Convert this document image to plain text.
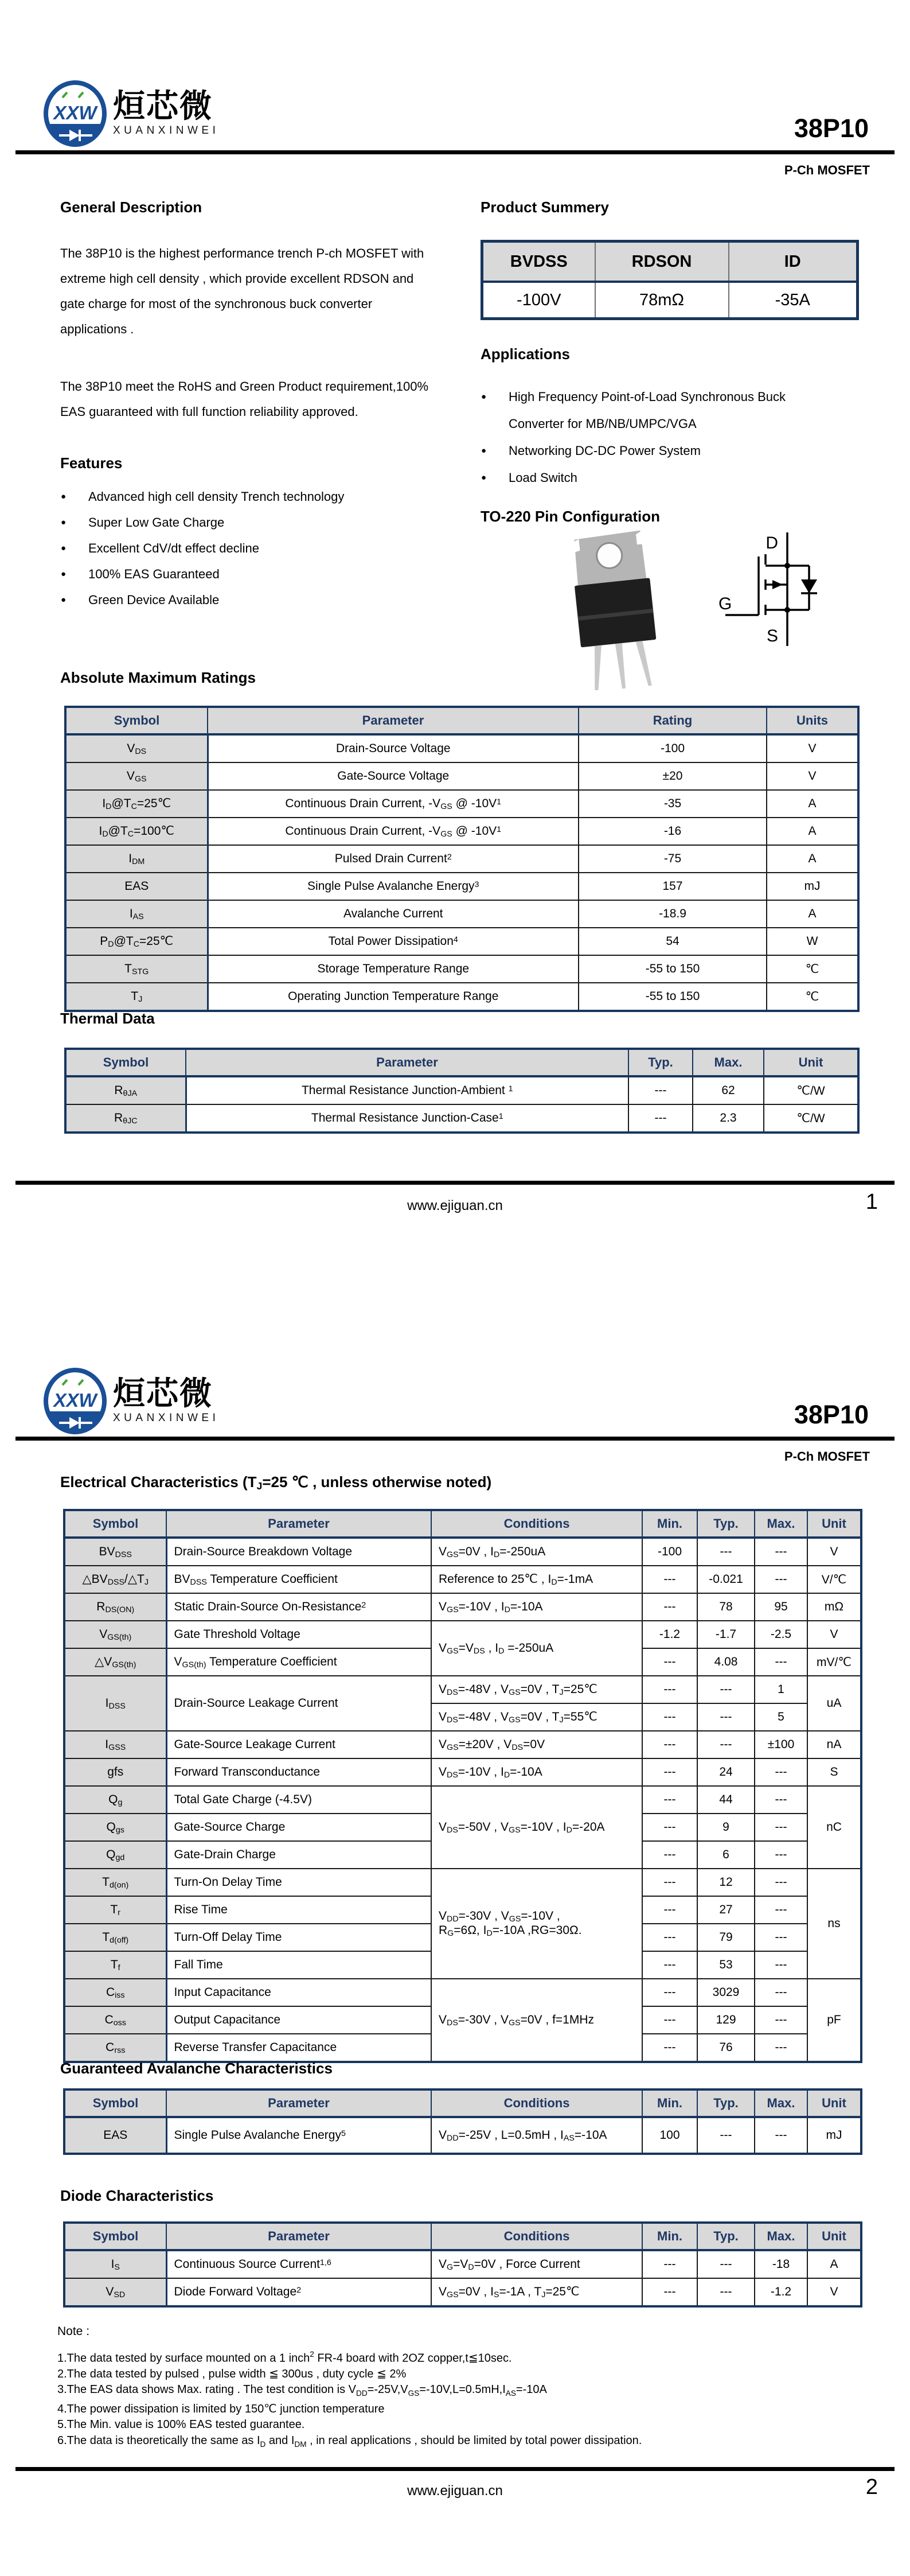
XXW 烜芯微
XUANXINWEI	38P10
P-Ch MOSFET
General Description
The 38P10 is the highest performance trench P-ch MOSFET with extreme high cell density , which provide excellent RDSON and gate charge for most of the synchronous buck converter applications .
The 38P10 meet the RoHS and Green Product requirement,100% EAS guaranteed with full function reliability approved.
Features
● Advanced high cell density Trench technology
● Super Low Gate Charge
● Excellent CdV/dt effect decline
● 100% EAS Guaranteed
● Green Device Available
Product Summery
BVDSS	RDSON	ID
-100V	78mΩ	-35A
Applications
● High Frequency Point-of-Load Synchronous Buck Converter for MB/NB/UMPC/VGA
● Networking DC-DC Power System
● Load Switch
TO-220 Pin Configuration
D
G
S
Absolute Maximum Ratings
Symbol	Parameter	Rating	Units
$V_{DS}$	Drain-Source Voltage	-100	V
$V_{GS}$	Gate-Source Voltage	±20	V
$I_D@T_C=25℃$	Continuous Drain Current, $-V_{GS}$ @ $-10V^1$	-35	A
$I_D@T_C=100℃$	Continuous Drain Current, $-V_{GS}$ @ $-10V^1$	-16	A
$I_{DM}$	Pulsed Drain Current$^2$	-75	A
EAS	Single Pulse Avalanche Energy$^3$	157	mJ
$I_{AS}$	Avalanche Current	-18.9	A
$P_D@T_C=25℃$	Total Power Dissipation$^4$	54	W
$T_{STG}$	Storage Temperature Range	-55 to 150	℃
$T_J$	Operating Junction Temperature Range	-55 to 150	℃
Thermal Data
Symbol	Parameter	Typ.	Max.	Unit
$R_{\theta JA}$	Thermal Resistance Junction-Ambient $^1$	---	62	℃/W
$R_{\theta JC}$	Thermal Resistance Junction-Case$^1$	---	2.3	℃/W
www.ejiguan.cn	1
XXW 烜芯微
XUANXINWEI	38P10
P-Ch MOSFET
Electrical Characteristics ($T_J=25$ ℃ , unless otherwise noted)
Symbol	Parameter	Conditions	Min.	Typ.	Max.	Unit
$BV_{DSS}$	Drain-Source Breakdown Voltage	$V_{GS}=0V$ , $I_D=-250uA$	-100	---	---	V
$\triangle BV_{DSS}/\triangle T_J$	$BV_{DSS}$ Temperature Coefficient	Reference to 25℃ , $I_D=-1mA$	---	-0.021	---	V/℃
$R_{DS(ON)}$	Static Drain-Source On-Resistance$^2$	$V_{GS}=-10V$ , $I_D=-10A$	---	78	95	mΩ
$V_{GS(th)}$	Gate Threshold Voltage	$V_{GS}=V_{DS}$ , $I_D =-250uA$	-1.2	-1.7	-2.5	V
$\triangle V_{GS(th)}$	$V_{GS(th)}$ Temperature Coefficient		---	4.08	---	mV/℃
$I_{DSS}$	Drain-Source Leakage Current	$V_{DS}=-48V$ , $V_{GS}=0V$ , $T_J=25℃$	---	---	1	uA
		$V_{DS}=-48V$ , $V_{GS}=0V$ , $T_J=55℃$	---	---	5	
$I_{GSS}$	Gate-Source Leakage Current	$V_{GS}=\pm 20V$ , $V_{DS}=0V$	---	---	±100	nA
gfs	Forward Transconductance	$V_{DS}=-10V$ , $I_D=-10A$	---	24	---	S
$Q_g$	Total Gate Charge (-4.5V)	$V_{DS}=-50V$ , $V_{GS}=-10V$ , $I_D=-20A$	---	44	---	nC
$Q_{gs}$	Gate-Source Charge		---	9	---	
$Q_{gd}$	Gate-Drain Charge		---	6	---	
$T_{d(on)}$	Turn-On Delay Time	$V_{DD}=-30V$ , $V_{GS}=-10V$ ,
$R_G=6\Omega$, $I_D=-10A$ ,RG=30Ω.	---	12	---	ns
$T_r$	Rise Time		---	27	---	
$T_{d(off)}$	Turn-Off Delay Time		---	79	---	
$T_f$	Fall Time		---	53	---	
$C_{iss}$	Input Capacitance	$V_{DS}=-30V$ , $V_{GS}=0V$ , f=1MHz	---	3029	---	pF
$C_{oss}$	Output Capacitance		---	129	---	
$C_{rss}$	Reverse Transfer Capacitance		---	76	---	
Guaranteed Avalanche Characteristics
Symbol	Parameter	Conditions	Min.	Typ.	Max.	Unit
EAS	Single Pulse Avalanche Energy$^5$	$V_{DD}=-25V$ , L=0.5mH , $I_{AS}=-10A$	100	---	---	mJ
Diode Characteristics
Symbol	Parameter	Conditions	Min.	Typ.	Max.	Unit
$I_S$	Continuous Source Current$^{1,6}$	$V_G=V_D=0V$ , Force Current	---	---	-18	A
$V_{SD}$	Diode Forward Voltage$^2$	$V_{GS}=0V$ , $I_S=-1A$ , $T_J=25℃$	---	---	-1.2	V
Note :
1.The data tested by surface mounted on a 1 inch$^2$ FR-4 board with 2OZ copper,t≦10sec.
2.The data tested by pulsed , pulse width ≦ 300us , duty cycle ≦ 2%
3.The EAS data shows Max. rating . The test condition is $V_{DD}=-25V,V_{GS}=-10V,L=0.5mH,I_{AS}=-10A$
4.The power dissipation is limited by 150℃ junction temperature
5.The Min. value is 100% EAS tested guarantee.
6.The data is theoretically the same as $I_D$ and $I_{DM}$ , in real applications , should be limited by total power dissipation.
www.ejiguan.cn	2
